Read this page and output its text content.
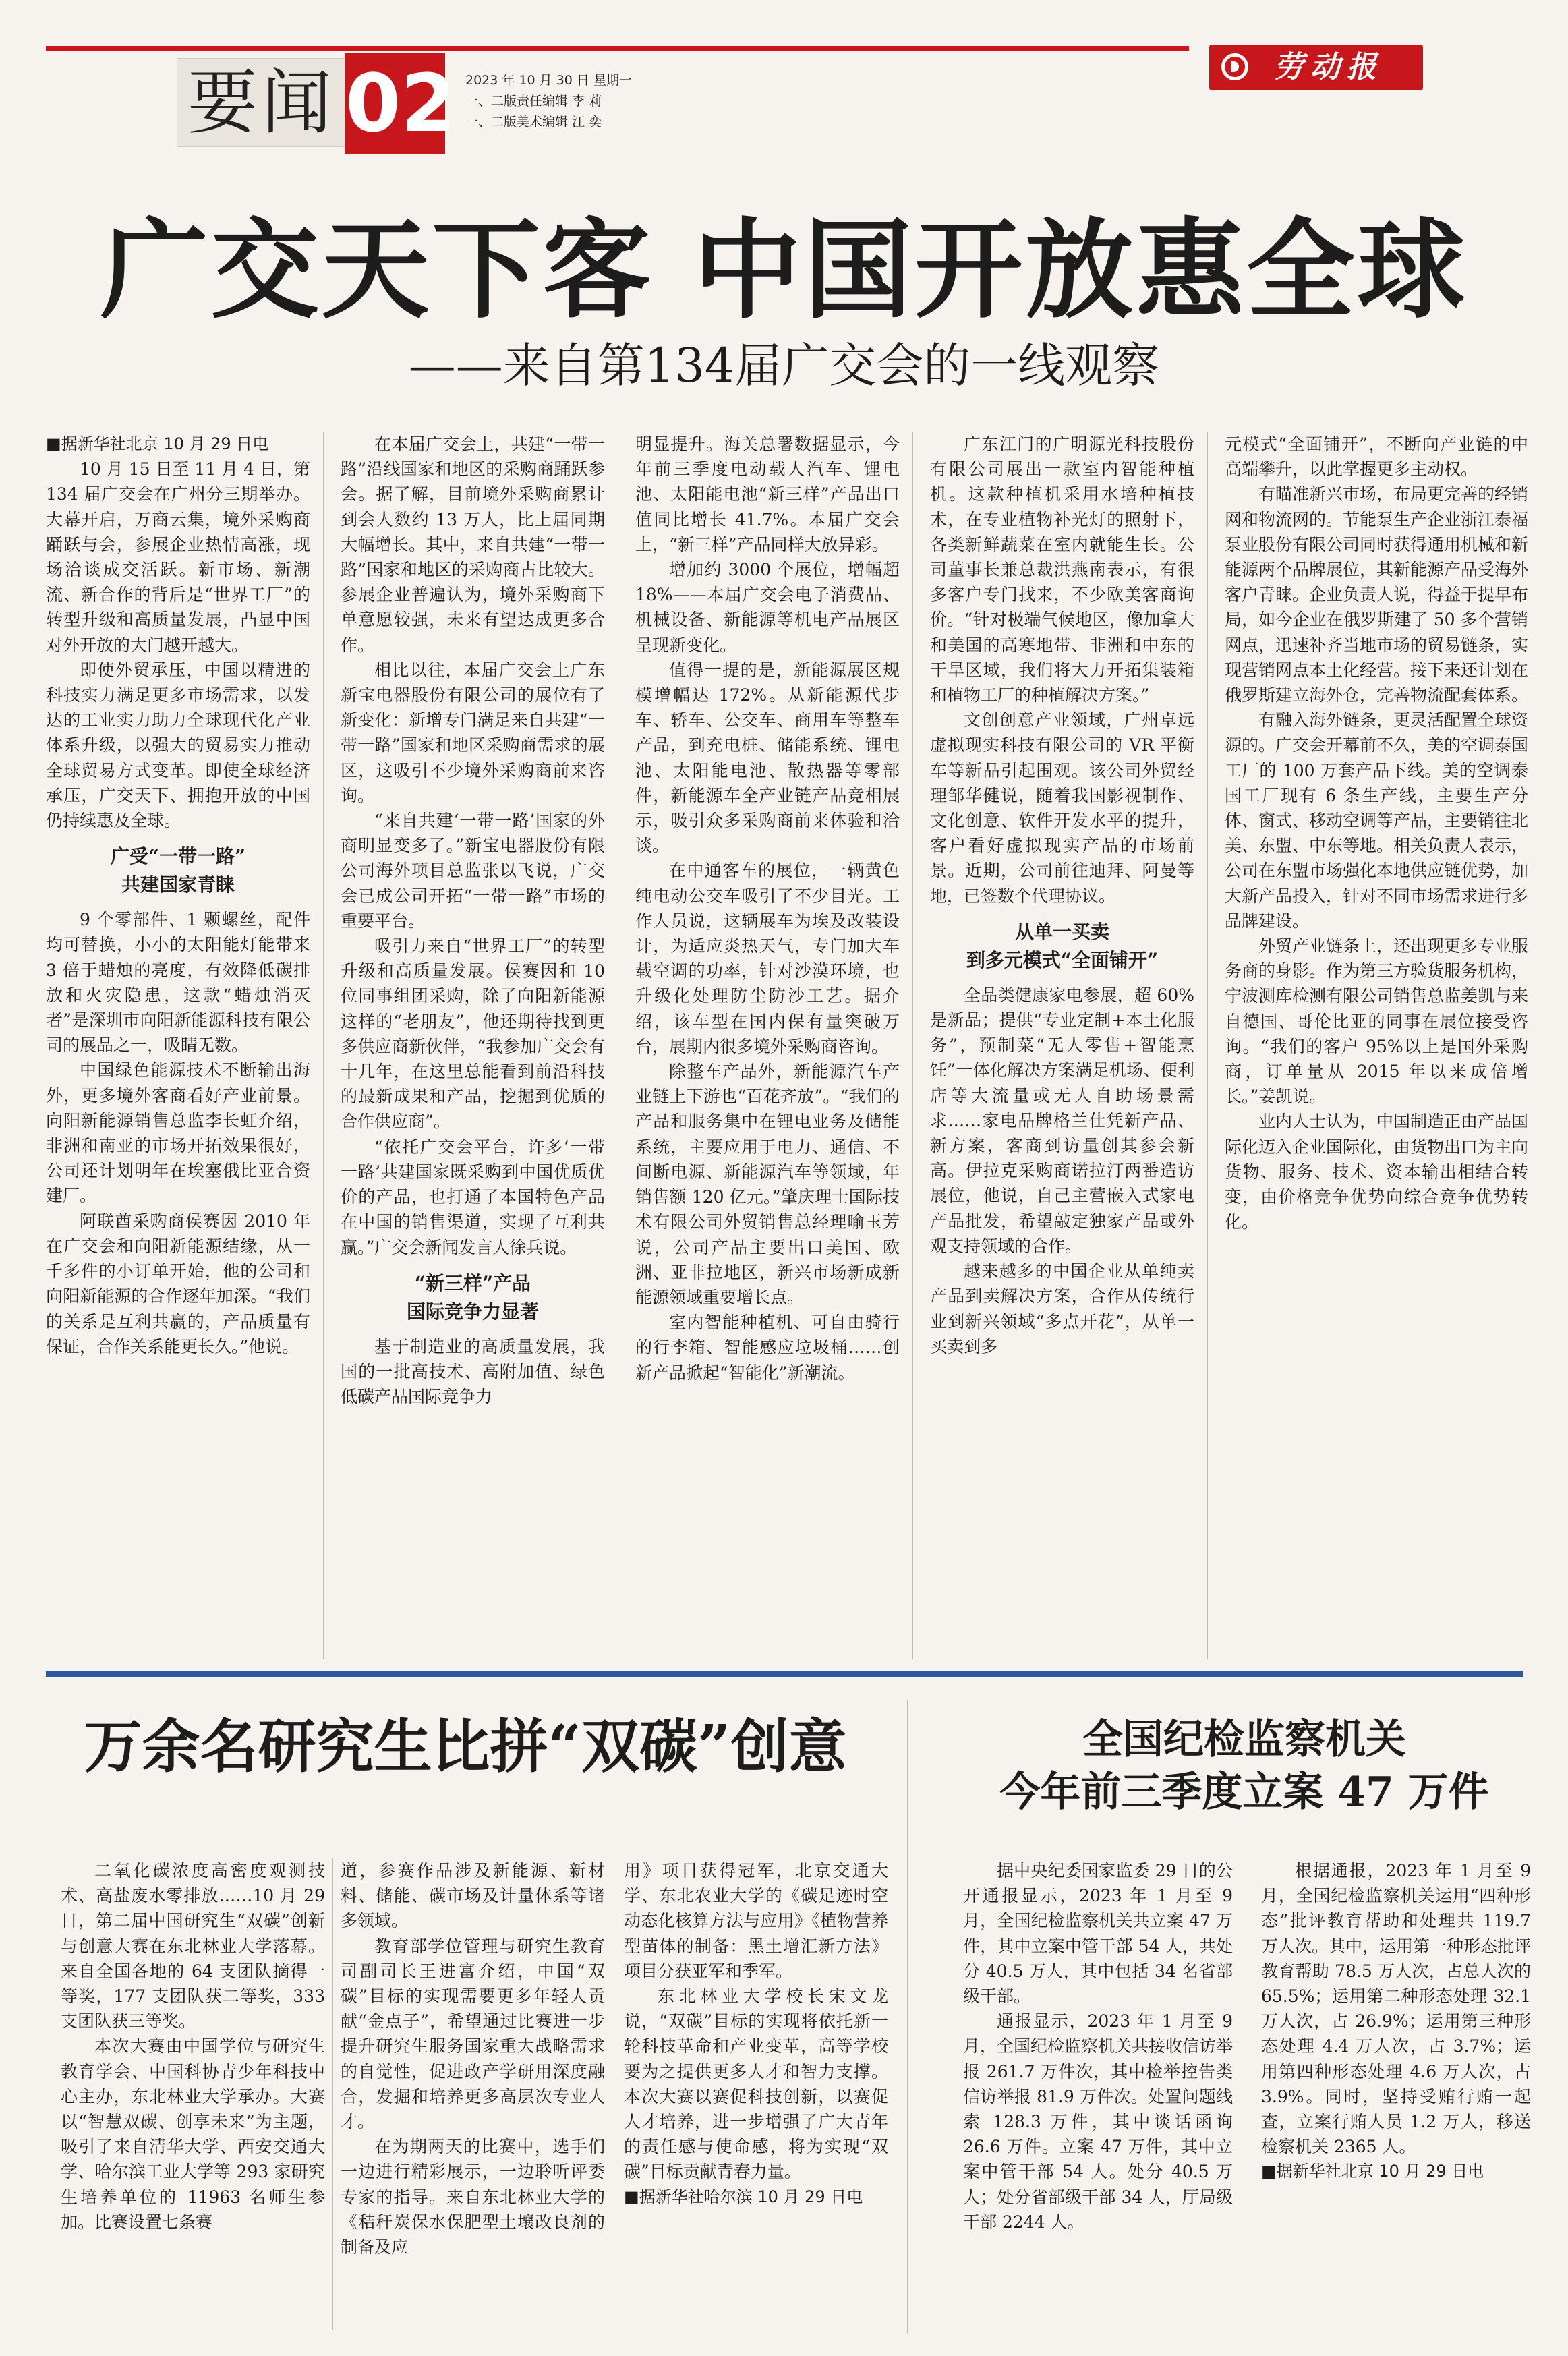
要闻 02 2023 年 10 月 30 日 星期一
一、二版责任编辑 李 莉
一、二版美术编辑 江 奕
劳动报
广交天下客 中国开放惠全球
——来自第134届广交会的一线观察

■据新华社北京 10 月 29 日电

10 月 15 日至 11 月 4 日，第 134 届广交会在广州分三期举办。大幕开启，万商云集，境外采购商踊跃与会，参展企业热情高涨，现场洽谈成交活跃。新市场、新潮流、新合作的背后是“世界工厂”的转型升级和高质量发展，凸显中国对外开放的大门越开越大。

即使外贸承压，中国以精进的科技实力满足更多市场需求，以发达的工业实力助力全球现代化产业体系升级，以强大的贸易实力推动全球贸易方式变革。即使全球经济承压，广交天下、拥抱开放的中国仍持续惠及全球。

广受“一带一路”
共建国家青睐

9 个零部件、1 颗螺丝，配件均可替换，小小的太阳能灯能带来 3 倍于蜡烛的亮度，有效降低碳排放和火灾隐患，这款“蜡烛消灭者”是深圳市向阳新能源科技有限公司的展品之一，吸睛无数。

中国绿色能源技术不断输出海外，更多境外客商看好产业前景。向阳新能源销售总监李长虹介绍，非洲和南亚的市场开拓效果很好，公司还计划明年在埃塞俄比亚合资建厂。

阿联酋采购商侯赛因 2010 年在广交会和向阳新能源结缘，从一千多件的小订单开始，他的公司和向阳新能源的合作逐年加深。“我们的关系是互利共赢的，产品质量有保证，合作关系能更长久。”他说。

在本届广交会上，共建“一带一路”沿线国家和地区的采购商踊跃参会。据了解，目前境外采购商累计到会人数约 13 万人，比上届同期大幅增长。其中，来自共建“一带一路”国家和地区的采购商占比较大。参展企业普遍认为，境外采购商下单意愿较强，未来有望达成更多合作。

相比以往，本届广交会上广东新宝电器股份有限公司的展位有了新变化：新增专门满足来自共建“一带一路”国家和地区采购商需求的展区，这吸引不少境外采购商前来咨询。

“来自共建‘一带一路’国家的外商明显变多了。”新宝电器股份有限公司海外项目总监张以飞说，广交会已成公司开拓“一带一路”市场的重要平台。

吸引力来自“世界工厂”的转型升级和高质量发展。侯赛因和 10 位同事组团采购，除了向阳新能源这样的“老朋友”，他还期待找到更多供应商新伙伴，“我参加广交会有十几年，在这里总能看到前沿科技的最新成果和产品，挖掘到优质的合作供应商”。

“依托广交会平台，许多‘一带一路’共建国家既采购到中国优质优价的产品，也打通了本国特色产品在中国的销售渠道，实现了互利共赢。”广交会新闻发言人徐兵说。

“新三样”产品
国际竞争力显著

基于制造业的高质量发展，我国的一批高技术、高附加值、绿色低碳产品国际竞争力

明显提升。海关总署数据显示，今年前三季度电动载人汽车、锂电池、太阳能电池“新三样”产品出口值同比增长 41.7%。本届广交会上，“新三样”产品同样大放异彩。

增加约 3000 个展位，增幅超 18%——本届广交会电子消费品、机械设备、新能源等机电产品展区呈现新变化。

值得一提的是，新能源展区规模增幅达 172%。从新能源代步车、轿车、公交车、商用车等整车产品，到充电桩、储能系统、锂电池、太阳能电池、散热器等零部件，新能源车全产业链产品竞相展示，吸引众多采购商前来体验和洽谈。

在中通客车的展位，一辆黄色纯电动公交车吸引了不少目光。工作人员说，这辆展车为埃及改装设计，为适应炎热天气，专门加大车载空调的功率，针对沙漠环境，也升级化处理防尘防沙工艺。据介绍，该车型在国内保有量突破万台，展期内很多境外采购商咨询。

除整车产品外，新能源汽车产业链上下游也“百花齐放”。“我们的产品和服务集中在锂电业务及储能系统，主要应用于电力、通信、不间断电源、新能源汽车等领域，年销售额 120 亿元。”肇庆理士国际技术有限公司外贸销售总经理喻玉芳说，公司产品主要出口美国、欧洲、亚非拉地区，新兴市场新成新能源领域重要增长点。

室内智能种植机、可自由骑行的行李箱、智能感应垃圾桶……创新产品掀起“智能化”新潮流。

广东江门的广明源光科技股份有限公司展出一款室内智能种植机。这款种植机采用水培种植技术，在专业植物补光灯的照射下，各类新鲜蔬菜在室内就能生长。公司董事长兼总裁洪燕南表示，有很多客户专门找来，不少欧美客商询价。“针对极端气候地区，像加拿大和美国的高寒地带、非洲和中东的干旱区域，我们将大力开拓集装箱和植物工厂的种植解决方案。”

文创创意产业领域，广州卓远虚拟现实科技有限公司的 VR 平衡车等新品引起围观。该公司外贸经理邹华健说，随着我国影视制作、文化创意、软件开发水平的提升，客户看好虚拟现实产品的市场前景。近期，公司前往迪拜、阿曼等地，已签数个代理协议。

从单一买卖
到多元模式“全面铺开”

全品类健康家电参展，超 60% 是新品；提供“专业定制+本土化服务”，预制菜“无人零售+智能烹饪”一体化解决方案满足机场、便利店等大流量或无人自助场景需求……家电品牌格兰仕凭新产品、新方案，客商到访量创其参会新高。伊拉克采购商诺拉汀两番造访展位，他说，自己主营嵌入式家电产品批发，希望敲定独家产品或外观支持领域的合作。

越来越多的中国企业从单纯卖产品到卖解决方案，合作从传统行业到新兴领域“多点开花”，从单一买卖到多

元模式“全面铺开”，不断向产业链的中高端攀升，以此掌握更多主动权。

有瞄准新兴市场，布局更完善的经销网和物流网的。节能泵生产企业浙江泰福泵业股份有限公司同时获得通用机械和新能源两个品牌展位，其新能源产品受海外客户青睐。企业负责人说，得益于提早布局，如今企业在俄罗斯建了 50 多个营销网点，迅速补齐当地市场的贸易链条，实现营销网点本土化经营。接下来还计划在俄罗斯建立海外仓，完善物流配套体系。

有融入海外链条，更灵活配置全球资源的。广交会开幕前不久，美的空调泰国工厂的 100 万套产品下线。美的空调泰国工厂现有 6 条生产线，主要生产分体、窗式、移动空调等产品，主要销往北美、东盟、中东等地。相关负责人表示，公司在东盟市场强化本地供应链优势，加大新产品投入，针对不同市场需求进行多品牌建设。

外贸产业链条上，还出现更多专业服务商的身影。作为第三方验货服务机构，宁波测库检测有限公司销售总监姜凯与来自德国、哥伦比亚的同事在展位接受咨询。“我们的客户 95%以上是国外采购商，订单量从 2015 年以来成倍增长。”姜凯说。

业内人士认为，中国制造正由产品国际化迈入企业国际化，由货物出口为主向货物、服务、技术、资本输出相结合转变，由价格竞争优势向综合竞争优势转化。

万余名研究生比拼“双碳”创意

二氧化碳浓度高密度观测技术、高盐废水零排放……10 月 29 日，第二届中国研究生“双碳”创新与创意大赛在东北林业大学落幕。来自全国各地的 64 支团队摘得一等奖，177 支团队获二等奖，333 支团队获三等奖。

本次大赛由中国学位与研究生教育学会、中国科协青少年科技中心主办，东北林业大学承办。大赛以“智慧双碳、创享未来”为主题，吸引了来自清华大学、西安交通大学、哈尔滨工业大学等 293 家研究生培养单位的 11963 名师生参加。比赛设置七条赛

道，参赛作品涉及新能源、新材料、储能、碳市场及计量体系等诸多领域。

教育部学位管理与研究生教育司副司长王进富介绍，中国“双碳”目标的实现需要更多年轻人贡献“金点子”，希望通过比赛进一步提升研究生服务国家重大战略需求的自觉性，促进政产学研用深度融合，发掘和培养更多高层次专业人才。

在为期两天的比赛中，选手们一边进行精彩展示，一边聆听评委专家的指导。来自东北林业大学的《秸秆炭保水保肥型土壤改良剂的制备及应

用》项目获得冠军，北京交通大学、东北农业大学的《碳足迹时空动态化核算方法与应用》《植物营养型苗体的制备：黑土增汇新方法》项目分获亚军和季军。

东北林业大学校长宋文龙说，“双碳”目标的实现将依托新一轮科技革命和产业变革，高等学校要为之提供更多人才和智力支撑。本次大赛以赛促科技创新，以赛促人才培养，进一步增强了广大青年的责任感与使命感，将为实现“双碳”目标贡献青春力量。

■据新华社哈尔滨 10 月 29 日电

全国纪检监察机关
今年前三季度立案 47 万件

据中央纪委国家监委 29 日的公开通报显示，2023 年 1 月至 9 月，全国纪检监察机关共立案 47 万件，其中立案中管干部 54 人，共处分 40.5 万人，其中包括 34 名省部级干部。

通报显示，2023 年 1 月至 9 月，全国纪检监察机关共接收信访举报 261.7 万件次，其中检举控告类信访举报 81.9 万件次。处置问题线索 128.3 万件，其中谈话函询 26.6 万件。立案 47 万件，其中立案中管干部 54 人。处分 40.5 万人；处分省部级干部 34 人，厅局级干部 2244 人。

根据通报，2023 年 1 月至 9 月，全国纪检监察机关运用“四种形态”批评教育帮助和处理共 119.7 万人次。其中，运用第一种形态批评教育帮助 78.5 万人次，占总人次的 65.5%；运用第二种形态处理 32.1 万人次，占 26.9%；运用第三种形态处理 4.4 万人次，占 3.7%；运用第四种形态处理 4.6 万人次，占 3.9%。同时，坚持受贿行贿一起查，立案行贿人员 1.2 万人，移送检察机关 2365 人。

■据新华社北京 10 月 29 日电
